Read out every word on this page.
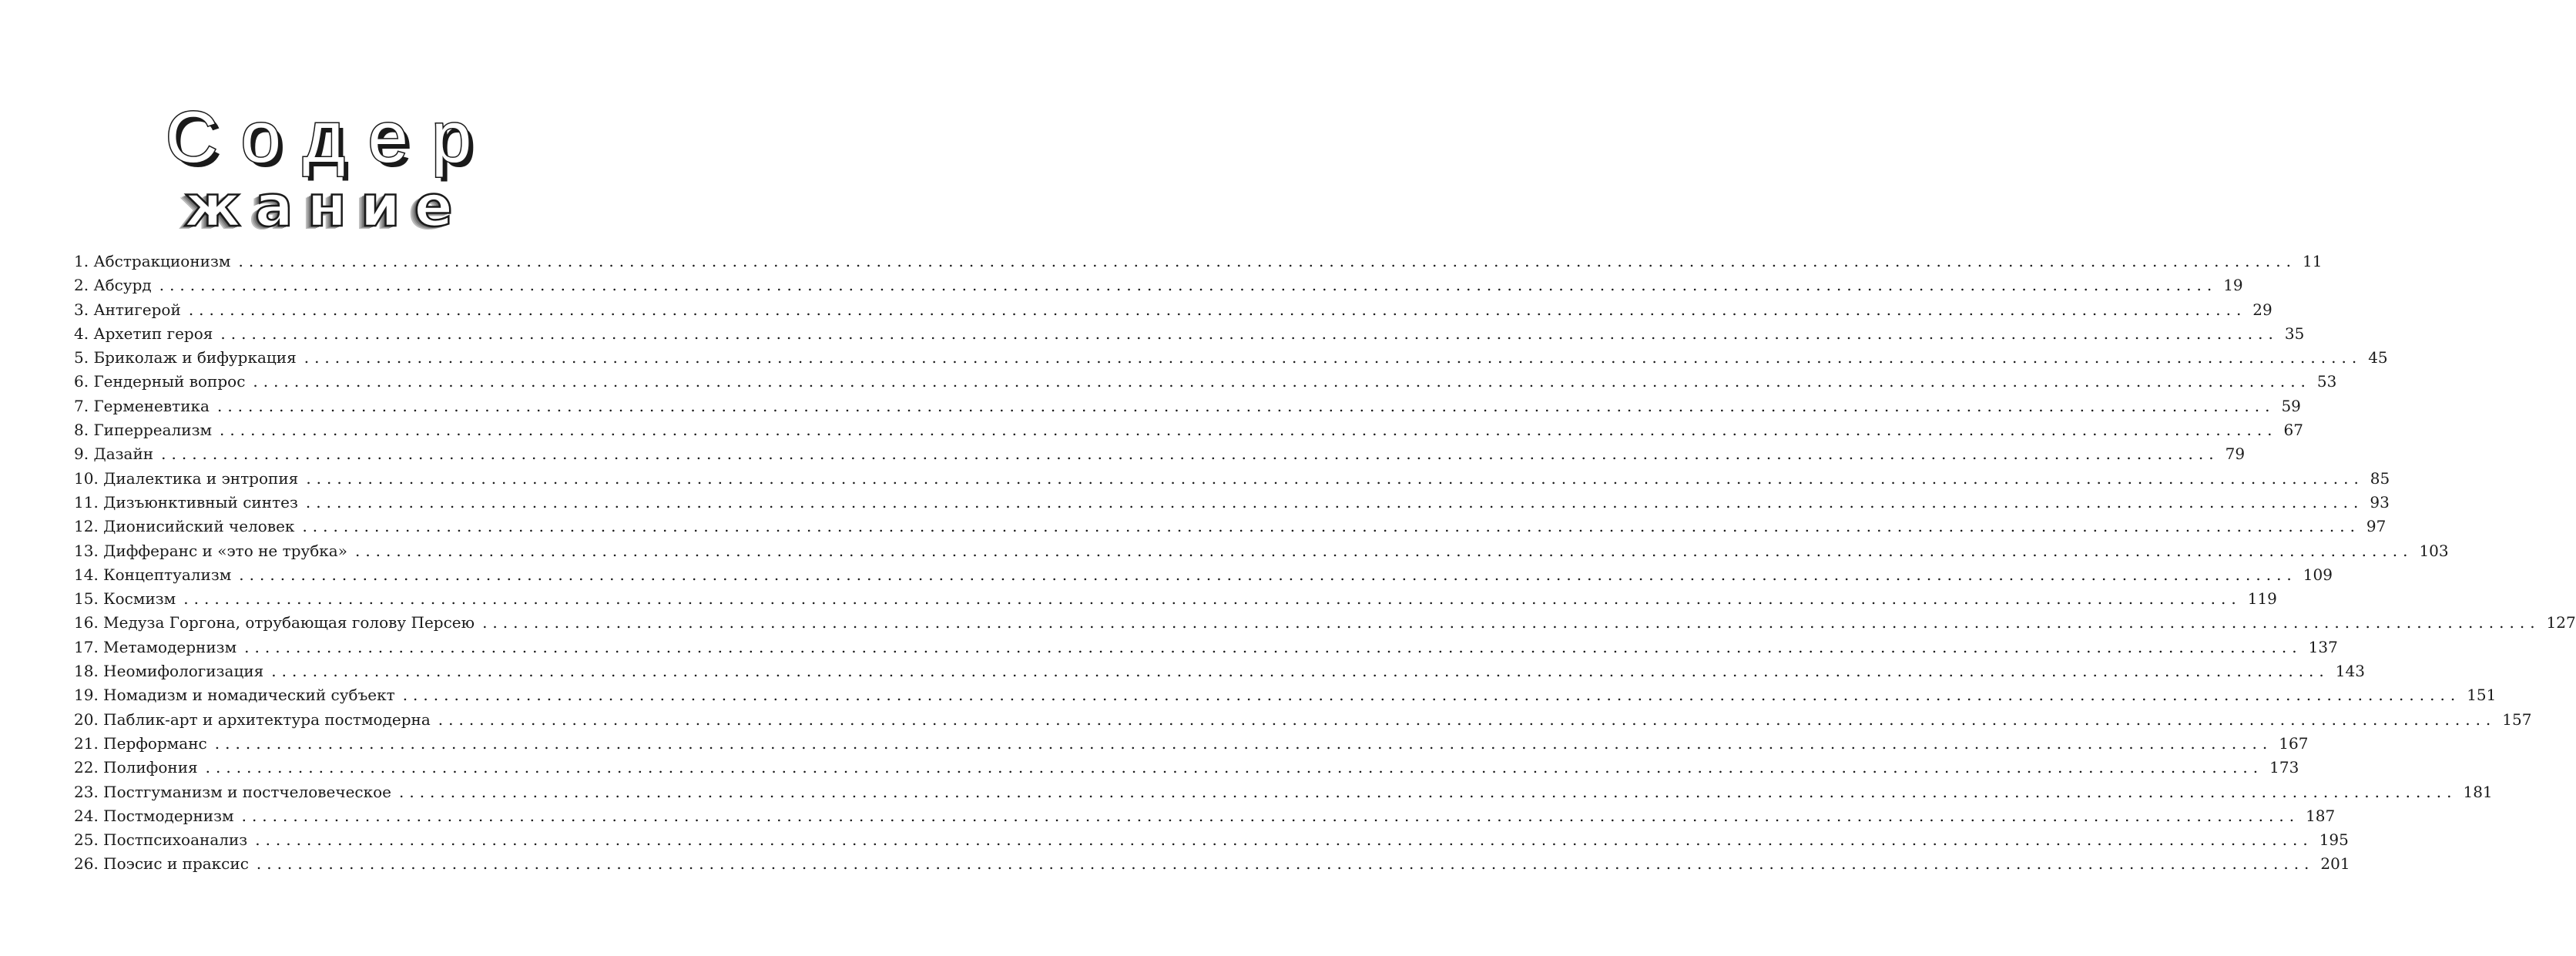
Содер
жание
1. Абстракционизм ........................................................................................................................................................................................................ 11
2. Абсурд ........................................................................................................................................................................................................ 19
3. Антигерой ........................................................................................................................................................................................................ 29
4. Архетип героя ........................................................................................................................................................................................................ 35
5. Бриколаж и бифуркация ........................................................................................................................................................................................................ 45
6. Гендерный вопрос ........................................................................................................................................................................................................ 53
7. Герменевтика ........................................................................................................................................................................................................ 59
8. Гиперреализм ........................................................................................................................................................................................................ 67
9. Дазайн ........................................................................................................................................................................................................ 79
10. Диалектика и энтропия ........................................................................................................................................................................................................ 85
11. Дизъюнктивный синтез ........................................................................................................................................................................................................ 93
12. Дионисийский человек ........................................................................................................................................................................................................ 97
13. Дифферанс и «это не трубка» ........................................................................................................................................................................................................ 103
14. Концептуализм ........................................................................................................................................................................................................ 109
15. Космизм ........................................................................................................................................................................................................ 119
16. Медуза Горгона, отрубающая голову Персею ........................................................................................................................................................................................................ 127
17. Метамодернизм ........................................................................................................................................................................................................ 137
18. Неомифологизация ........................................................................................................................................................................................................ 143
19. Номадизм и номадический субъект ........................................................................................................................................................................................................ 151
20. Паблик-арт и архитектура постмодерна ........................................................................................................................................................................................................ 157
21. Перформанс ........................................................................................................................................................................................................ 167
22. Полифония ........................................................................................................................................................................................................ 173
23. Постгуманизм и постчеловеческое ........................................................................................................................................................................................................ 181
24. Постмодернизм ........................................................................................................................................................................................................ 187
25. Постпсихоанализ ........................................................................................................................................................................................................ 195
26. Поэсис и праксис ........................................................................................................................................................................................................ 201
